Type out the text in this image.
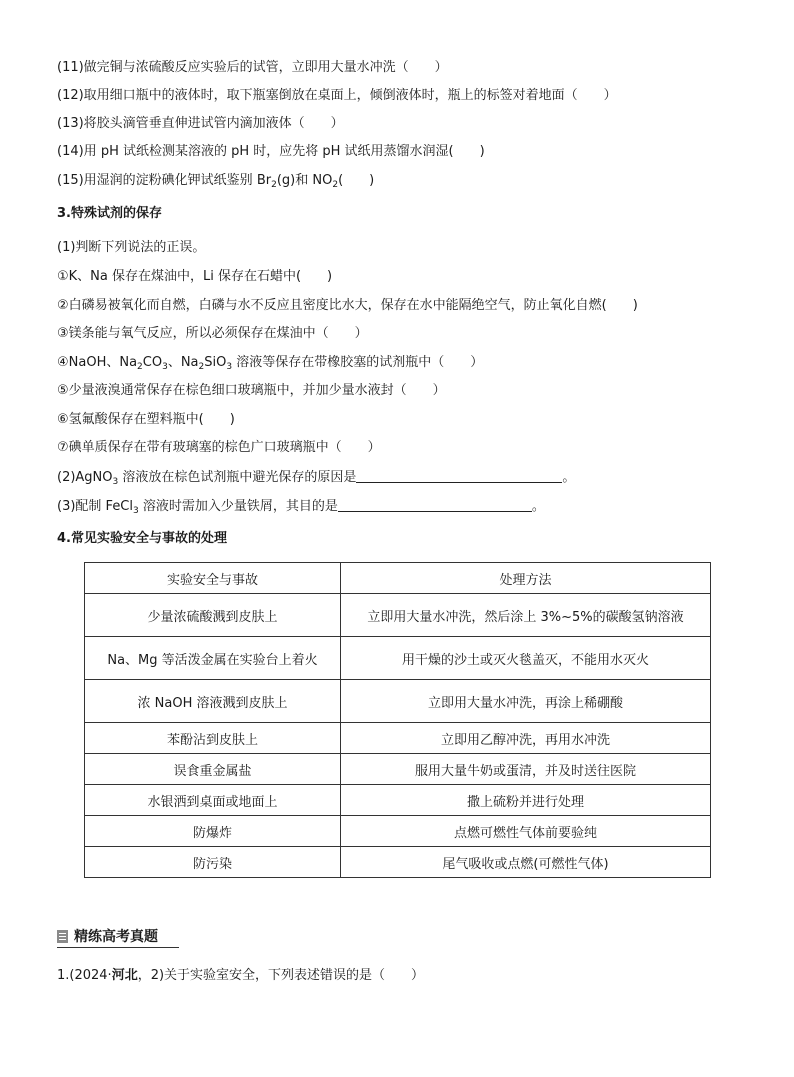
(11)做完铜与浓硫酸反应实验后的试管，立即用大量水冲洗（　　）
(12)取用细口瓶中的液体时，取下瓶塞倒放在桌面上，倾倒液体时，瓶上的标签对着地面（　　）
(13)将胶头滴管垂直伸进试管内滴加液体（　　）
(14)用 pH 试纸检测某溶液的 pH 时，应先将 pH 试纸用蒸馏水润湿(　　)
(15)用湿润的淀粉碘化钾试纸鉴别 $Br_2(g)$和 $NO_2$(　　)
3.特殊试剂的保存
(1)判断下列说法的正误。
①K、Na 保存在煤油中，Li 保存在石蜡中(　　)
②白磷易被氧化而自燃，白磷与水不反应且密度比水大，保存在水中能隔绝空气，防止氧化自燃(　　)
③镁条能与氧气反应，所以必须保存在煤油中（　　）
④NaOH、$Na_2CO_3$、$Na_2SiO_3$ 溶液等保存在带橡胶塞的试剂瓶中（　　）
⑤少量液溴通常保存在棕色细口玻璃瓶中，并加少量水液封（　　）
⑥氢氟酸保存在塑料瓶中(　　)
⑦碘单质保存在带有玻璃塞的棕色广口玻璃瓶中（　　）
(2)AgNO$_3$ 溶液放在棕色试剂瓶中避光保存的原因是	。
(3)配制 FeCl$_3$ 溶液时需加入少量铁屑，其目的是	。
4.常见实验安全与事故的处理
实验安全与事故	处理方法
少量浓硫酸溅到皮肤上	立即用大量水冲洗，然后涂上 3%~5%的碳酸氢钠溶液
Na、Mg 等活泼金属在实验台上着火	用干燥的沙土或灭火毯盖灭，不能用水灭火
浓 NaOH 溶液溅到皮肤上	立即用大量水冲洗，再涂上稀硼酸
苯酚沾到皮肤上	立即用乙醇冲洗，再用水冲洗
误食重金属盐	服用大量牛奶或蛋清，并及时送往医院
水银洒到桌面或地面上	撒上硫粉并进行处理
防爆炸	点燃可燃性气体前要验纯
防污染	尾气吸收或点燃(可燃性气体)
精练高考真题
1.(2024·河北，2)关于实验室安全，下列表述错误的是（　　）
